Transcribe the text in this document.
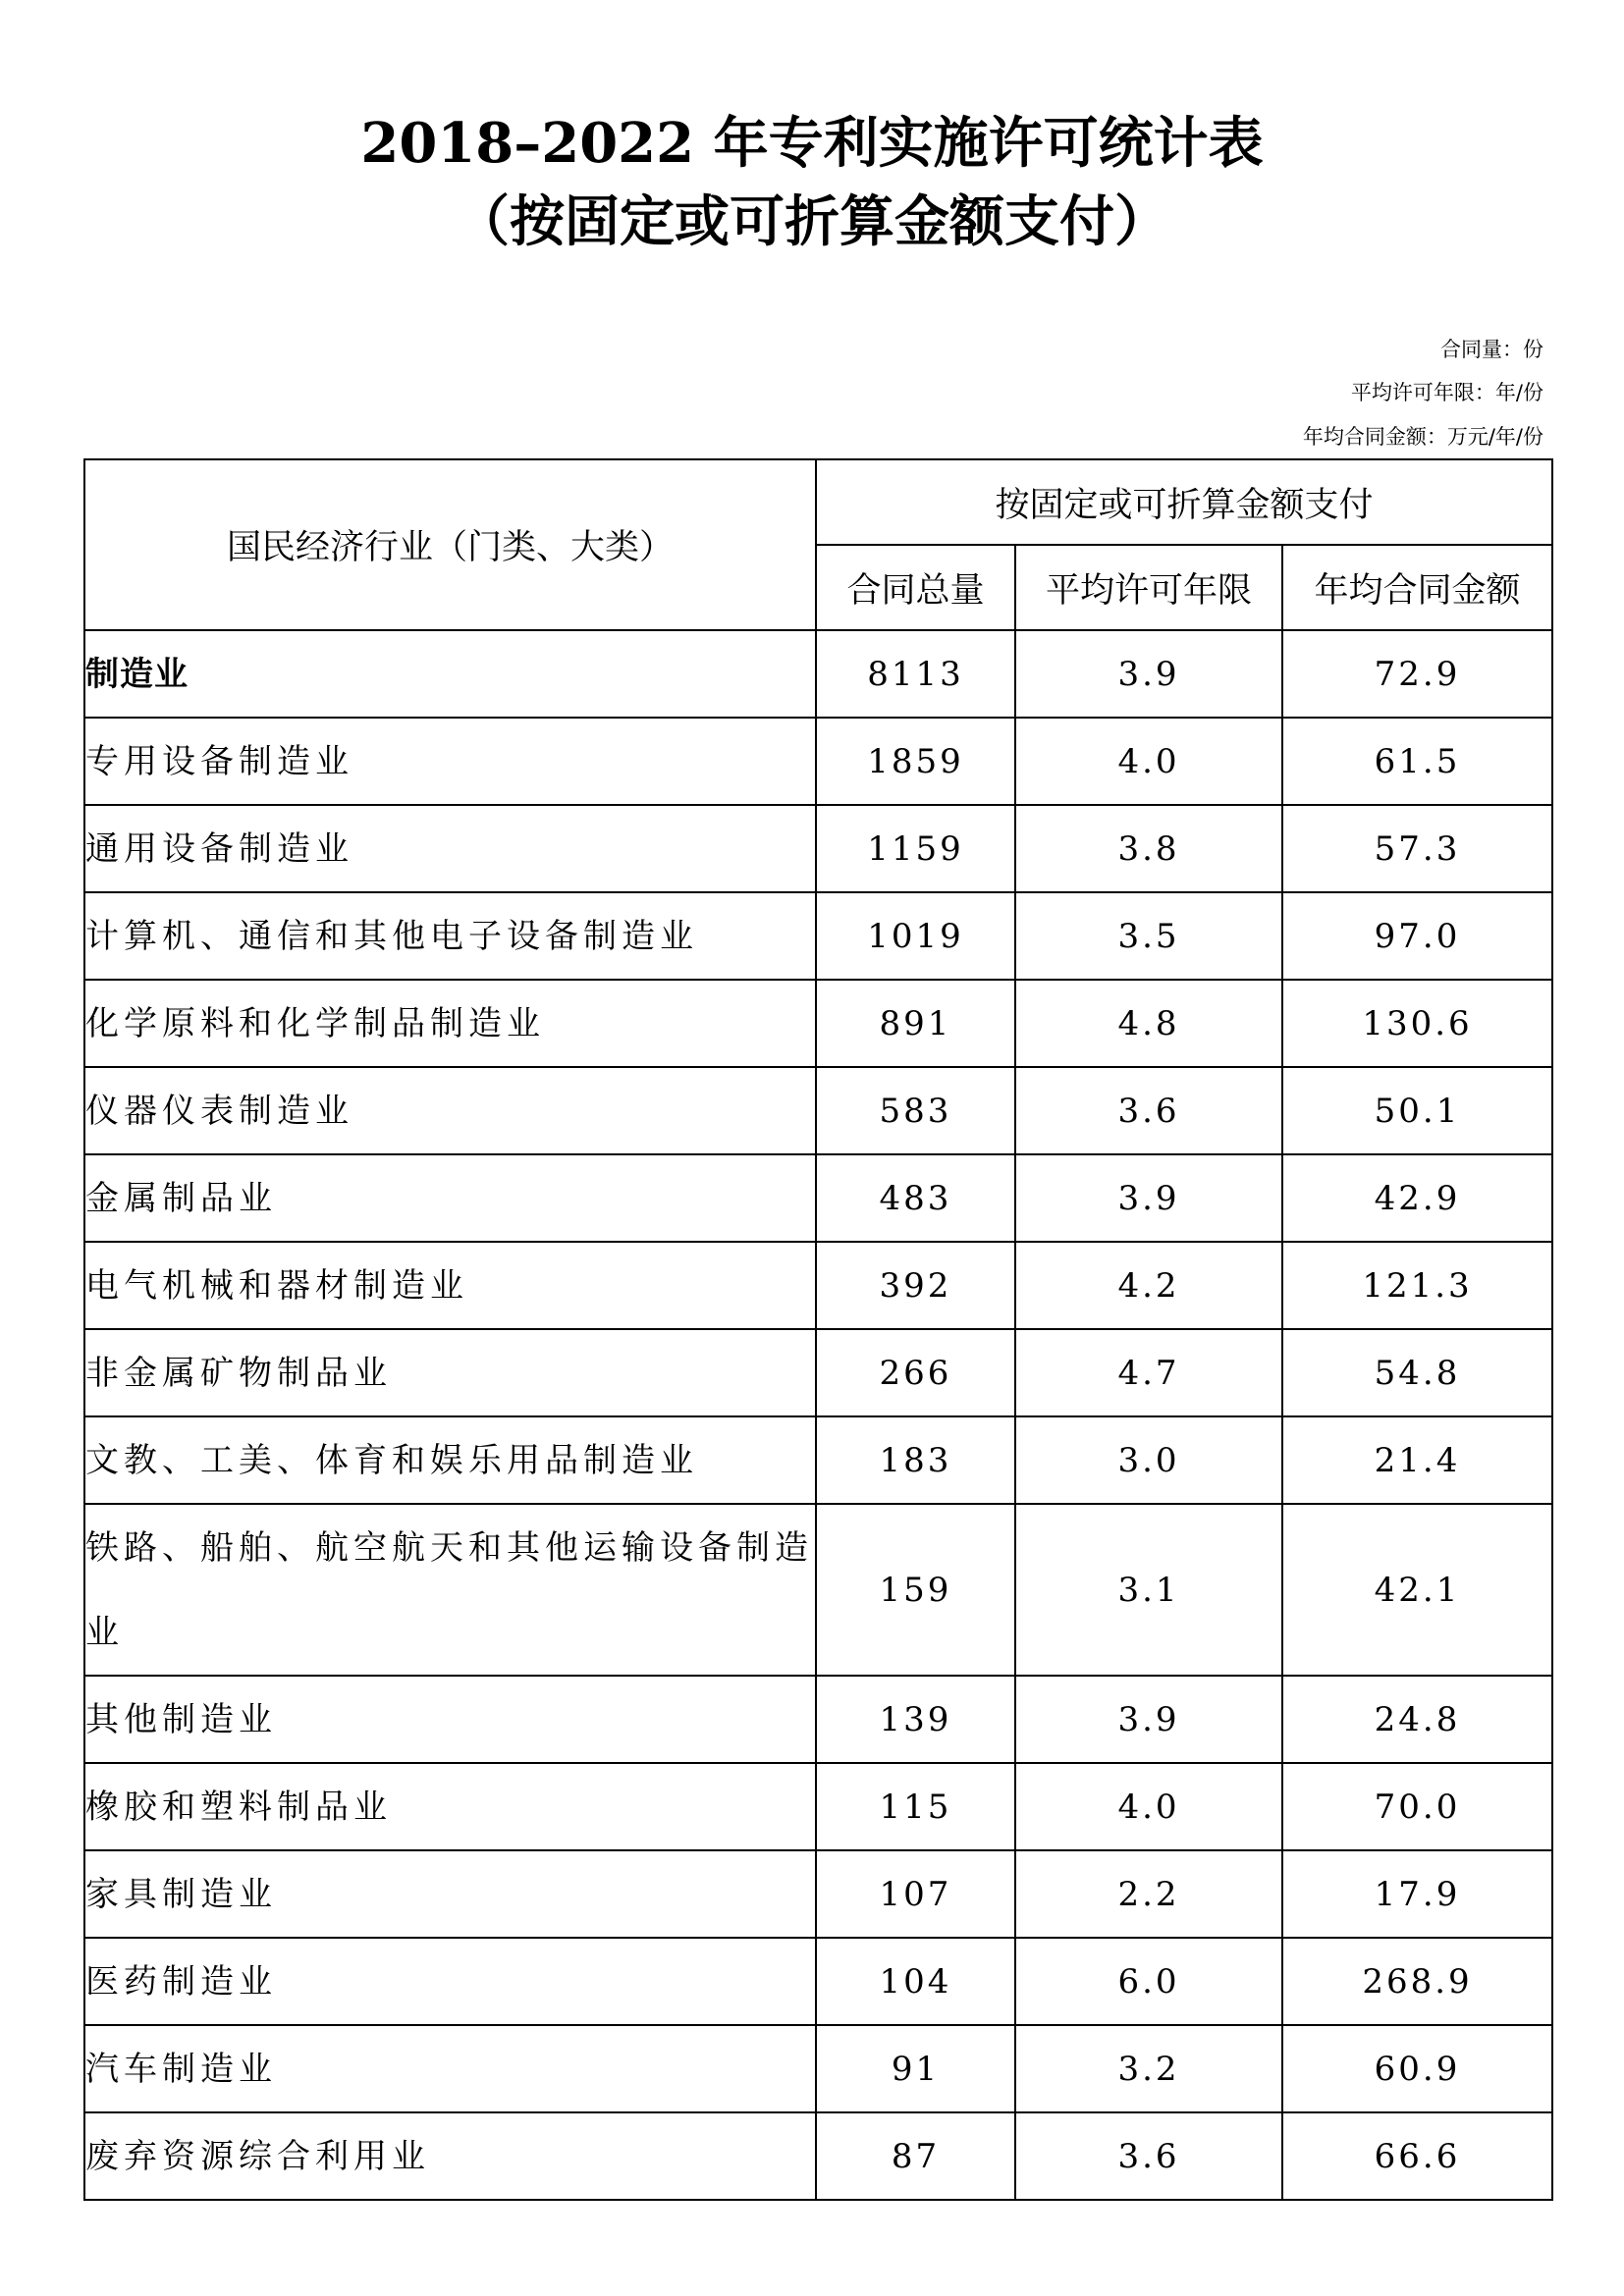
2018–2022 年专利实施许可统计表
（按固定或可折算金额支付）
合同量：份
平均许可年限：年/份
年均合同金额：万元/年/份
国民经济行业（门类、大类）	按固定或可折算金额支付		
	合同总量	平均许可年限	年均合同金额
制造业	8113	3.9	72.9
专用设备制造业	1859	4.0	61.5
通用设备制造业	1159	3.8	57.3
计算机、通信和其他电子设备制造业	1019	3.5	97.0
化学原料和化学制品制造业	891	4.8	130.6
仪器仪表制造业	583	3.6	50.1
金属制品业	483	3.9	42.9
电气机械和器材制造业	392	4.2	121.3
非金属矿物制品业	266	4.7	54.8
文教、工美、体育和娱乐用品制造业	183	3.0	21.4
铁路、船舶、航空航天和其他运输设备制造业	159	3.1	42.1
其他制造业	139	3.9	24.8
橡胶和塑料制品业	115	4.0	70.0
家具制造业	107	2.2	17.9
医药制造业	104	6.0	268.9
汽车制造业	91	3.2	60.9
废弃资源综合利用业	87	3.6	66.6
